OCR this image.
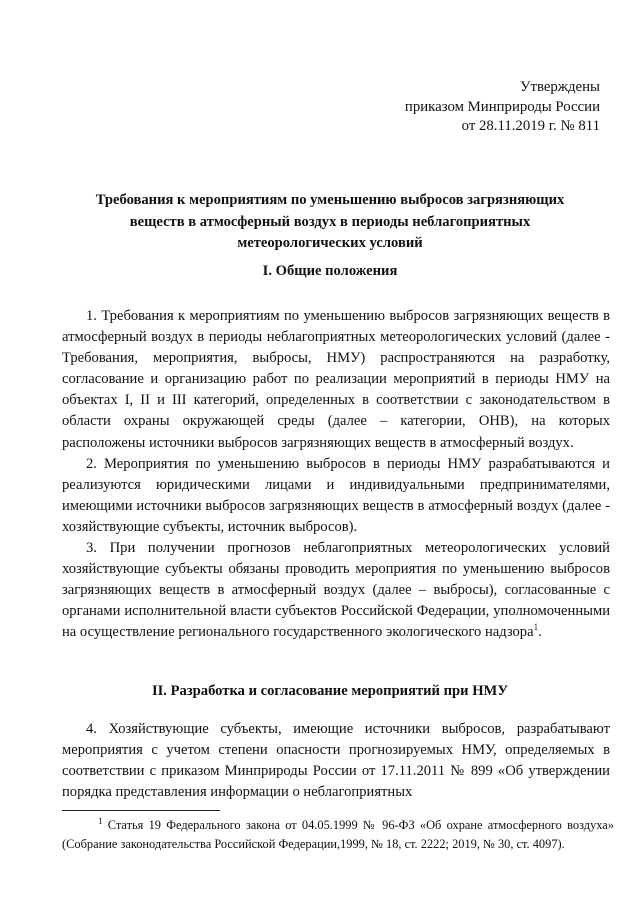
Утверждены
приказом Минприроды России
от 28.11.2019 г. № 811
Требования к мероприятиям по уменьшению выбросов загрязняющих
веществ в атмосферный воздух в периоды неблагоприятных
метеорологических условий
I. Общие положения

1. Требования к мероприятиям по уменьшению выбросов загрязняющих веществ в атмосферный воздух в периоды неблагоприятных метеорологических условий (далее - Требования, мероприятия, выбросы, НМУ) распространяются на разработку, согласование и организацию работ по реализации мероприятий в периоды НМУ на объектах I, II и III категорий, определенных в соответствии с законодательством в области охраны окружающей среды (далее – категории, ОНВ), на которых расположены источники выбросов загрязняющих веществ в атмосферный воздух.

2. Мероприятия по уменьшению выбросов в периоды НМУ разрабатываются и реализуются юридическими лицами и индивидуальными предпринимателями, имеющими источники выбросов загрязняющих веществ в атмосферный воздух (далее - хозяйствующие субъекты, источник выбросов).

3. При получении прогнозов неблагоприятных метеорологических условий хозяйствующие субъекты обязаны проводить мероприятия по уменьшению выбросов загрязняющих веществ в атмосферный воздух (далее – выбросы), согласованные с органами исполнительной власти субъектов Российской Федерации, уполномоченными на осуществление регионального государственного экологического надзора$^1$.

II. Разработка и согласование мероприятий при НМУ

4. Хозяйствующие субъекты, имеющие источники выбросов, разрабатывают мероприятия с учетом степени опасности прогнозируемых НМУ, определяемых в соответствии с приказом Минприроды России от 17.11.2011 № 899 «Об утверждении порядка представления информации о неблагоприятных

$^1$ Статья 19 Федерального закона от 04.05.1999 № 96-ФЗ «Об охране атмосферного воздуха» (Собрание законодательства Российской Федерации,1999, № 18, ст. 2222; 2019, № 30, ст. 4097).
